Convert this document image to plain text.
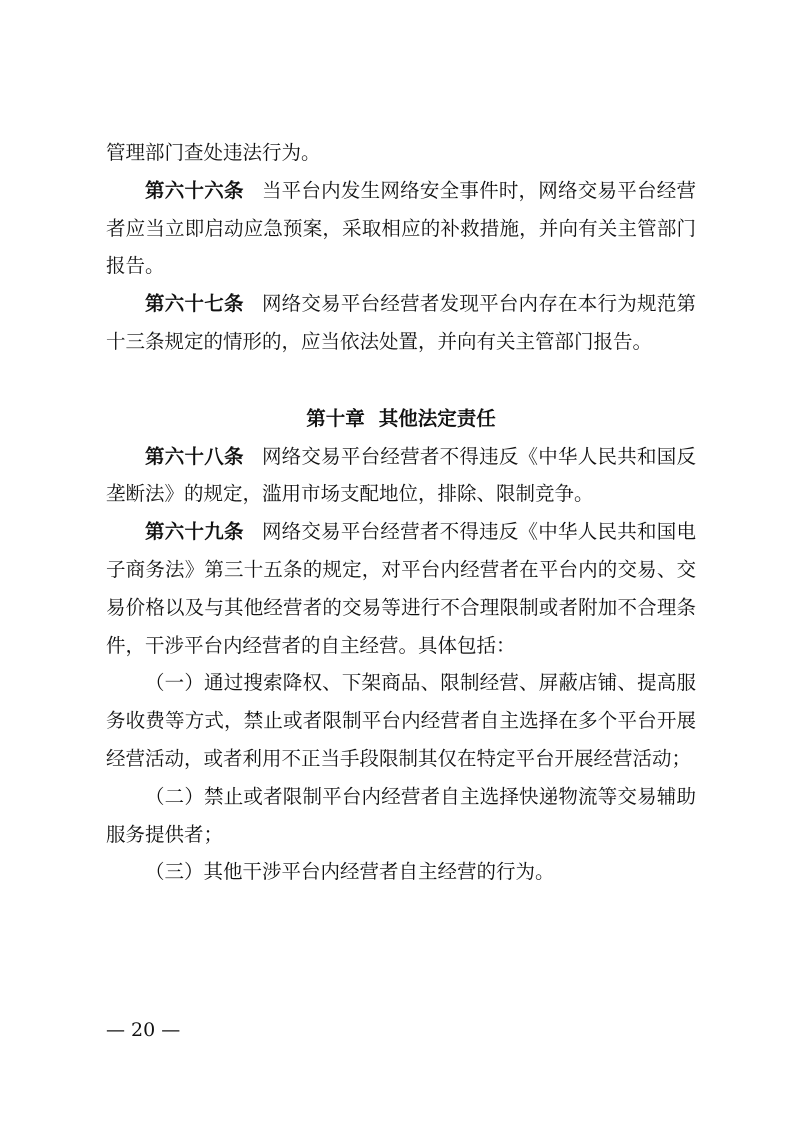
管理部门查处违法行为。

第六十六条 当平台内发生网络安全事件时，网络交易平台经营者应当立即启动应急预案，采取相应的补救措施，并向有关主管部门报告。

第六十七条 网络交易平台经营者发现平台内存在本行为规范第十三条规定的情形的，应当依法处置，并向有关主管部门报告。

第十章 其他法定责任

第六十八条 网络交易平台经营者不得违反《中华人民共和国反垄断法》的规定，滥用市场支配地位，排除、限制竞争。

第六十九条 网络交易平台经营者不得违反《中华人民共和国电子商务法》第三十五条的规定，对平台内经营者在平台内的交易、交易价格以及与其他经营者的交易等进行不合理限制或者附加不合理条件，干涉平台内经营者的自主经营。具体包括：

（一）通过搜索降权、下架商品、限制经营、屏蔽店铺、提高服务收费等方式，禁止或者限制平台内经营者自主选择在多个平台开展经营活动，或者利用不正当手段限制其仅在特定平台开展经营活动；

（二）禁止或者限制平台内经营者自主选择快递物流等交易辅助服务提供者；

（三）其他干涉平台内经营者自主经营的行为。

— 20 —
